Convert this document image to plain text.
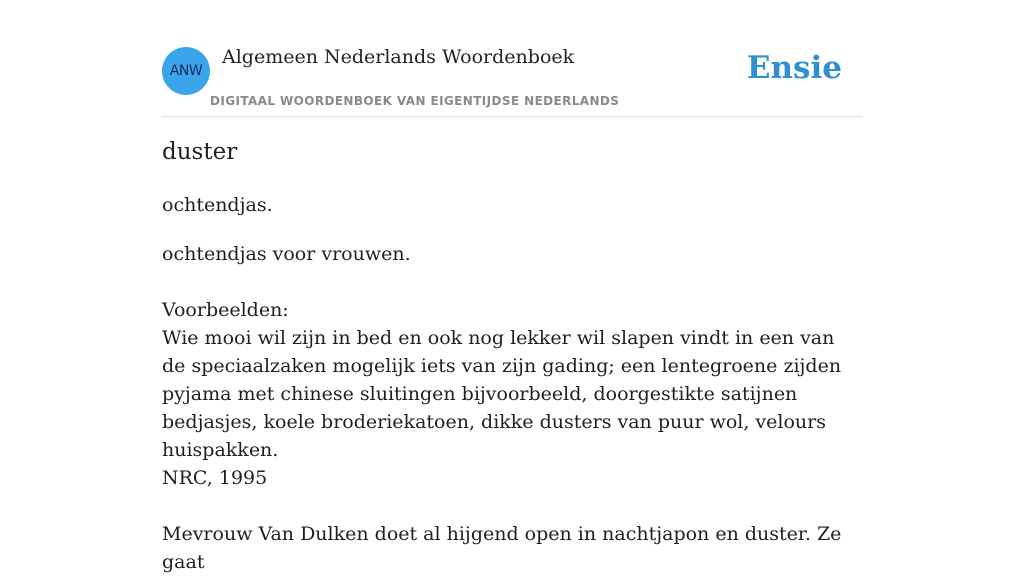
ANW
Algemeen Nederlands Woordenboek
DIGITAAL WOORDENBOEK VAN EIGENTIJDSE NEDERLANDS
Ensie
duster
ochtendjas.

ochtendjas voor vrouwen.

Voorbeelden:

Wie mooi wil zijn in bed en ook nog lekker wil slapen vindt in een van de speciaalzaken mogelijk iets van zijn gading; een lentegroene zijden pyjama met chinese sluitingen bijvoorbeeld, doorgestikte satijnen bedjasjes, koele broderiekatoen, dikke dusters van puur wol, velours huispakken.

NRC, 1995

Mevrouw Van Dulken doet al hijgend open in nachtjapon en duster. Ze gaat
